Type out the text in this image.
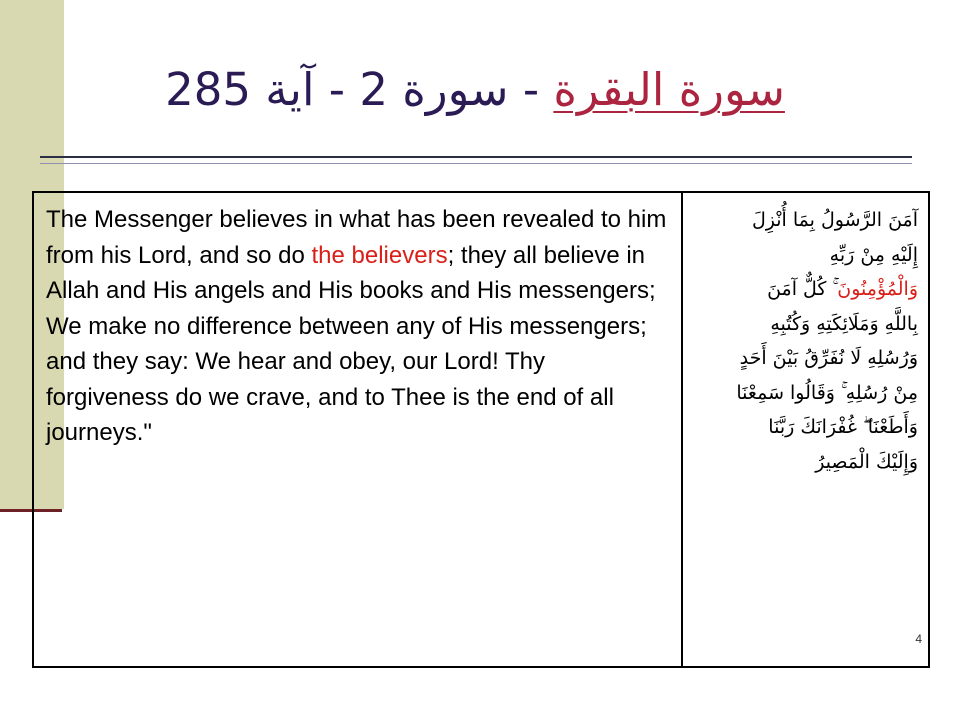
سورة البقرة - سورة 2 - آية 285
The Messenger believes in what has been revealed to him from his Lord, and so do the believers; they all believe in Allah and His angels and His books and His messengers; We make no difference between any of His messengers; and they say: We hear and obey, our Lord! Thy forgiveness do we crave, and to Thee is the end of all journeys."
آمَنَ الرَّسُولُ بِمَا أُنْزِلَ
إِلَيْهِ مِنْ رَبِّهِ
وَالْمُؤْمِنُونَ ۚ كُلٌّ آمَنَ
بِاللَّهِ وَمَلَائِكَتِهِ وَكُتُبِهِ
وَرُسُلِهِ لَا نُفَرِّقُ بَيْنَ أَحَدٍ
مِنْ رُسُلِهِ ۚ وَقَالُوا سَمِعْنَا
وَأَطَعْنَا ۖ غُفْرَانَكَ رَبَّنَا
وَإِلَيْكَ الْمَصِيرُ
4
